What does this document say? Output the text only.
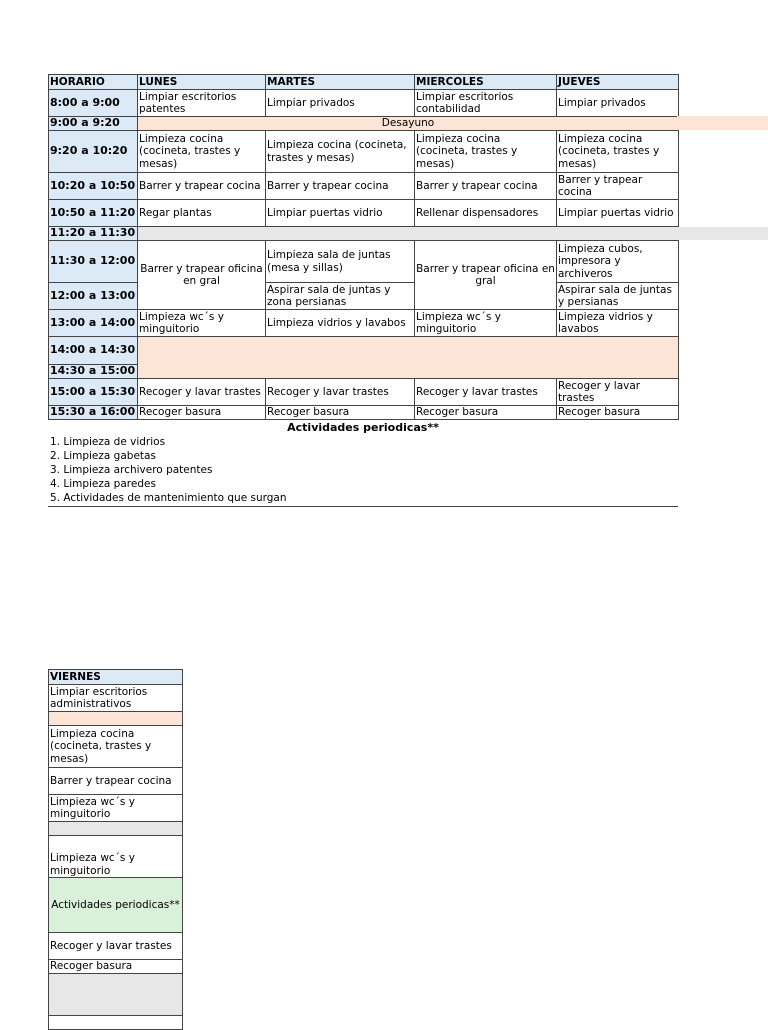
HORARIO	LUNES	MARTES	MIERCOLES	JUEVES
8:00 a 9:00	Limpiar escritorios patentes	Limpiar privados	Limpiar escritorios contabilidad	Limpiar privados
9:00 a 9:20	Desayuno			
9:20 a 10:20	Limpieza cocina (cocineta, trastes y mesas)	Limpieza cocina (cocineta, trastes y mesas)	Limpieza cocina (cocineta, trastes y mesas)	Limpieza cocina (cocineta, trastes y mesas)
10:20 a 10:50	Barrer y trapear cocina	Barrer y trapear cocina	Barrer y trapear cocina	Barrer y trapear cocina
10:50 a 11:20	Regar plantas	Limpiar puertas vidrio	Rellenar dispensadores	Limpiar puertas vidrio
11:20 a 11:30				
11:30 a 12:00	Barrer y trapear oficina en gral	Limpieza sala de juntas (mesa y sillas)	Barrer y trapear oficina en gral	Limpieza cubos, impresora y archiveros
12:00 a 13:00		Aspirar sala de juntas y zona persianas		Aspirar sala de juntas y persianas
13:00 a 14:00	Limpieza wc´s y minguitorio	Limpieza vidrios y lavabos	Limpieza wc´s y minguitorio	Limpieza vidrios y lavabos
14:00 a 14:30				
14:30 a 15:00				
15:00 a 15:30	Recoger y lavar trastes	Recoger y lavar trastes	Recoger y lavar trastes	Recoger y lavar trastes
15:30 a 16:00	Recoger basura	Recoger basura	Recoger basura	Recoger basura
Actividades periodicas**
1. Limpieza de vidrios
2. Limpieza gabetas
3. Limpieza archivero patentes
4. Limpieza paredes
5. Actividades de mantenimiento que surgan
VIERNES
Limpiar escritorios administrativos

Limpieza cocina (cocineta, trastes y mesas)
Barrer y trapear cocina
Limpieza wc´s y minguitorio

Limpieza wc´s y minguitorio
Actividades periodicas**
Recoger y lavar trastes
Recoger basura
